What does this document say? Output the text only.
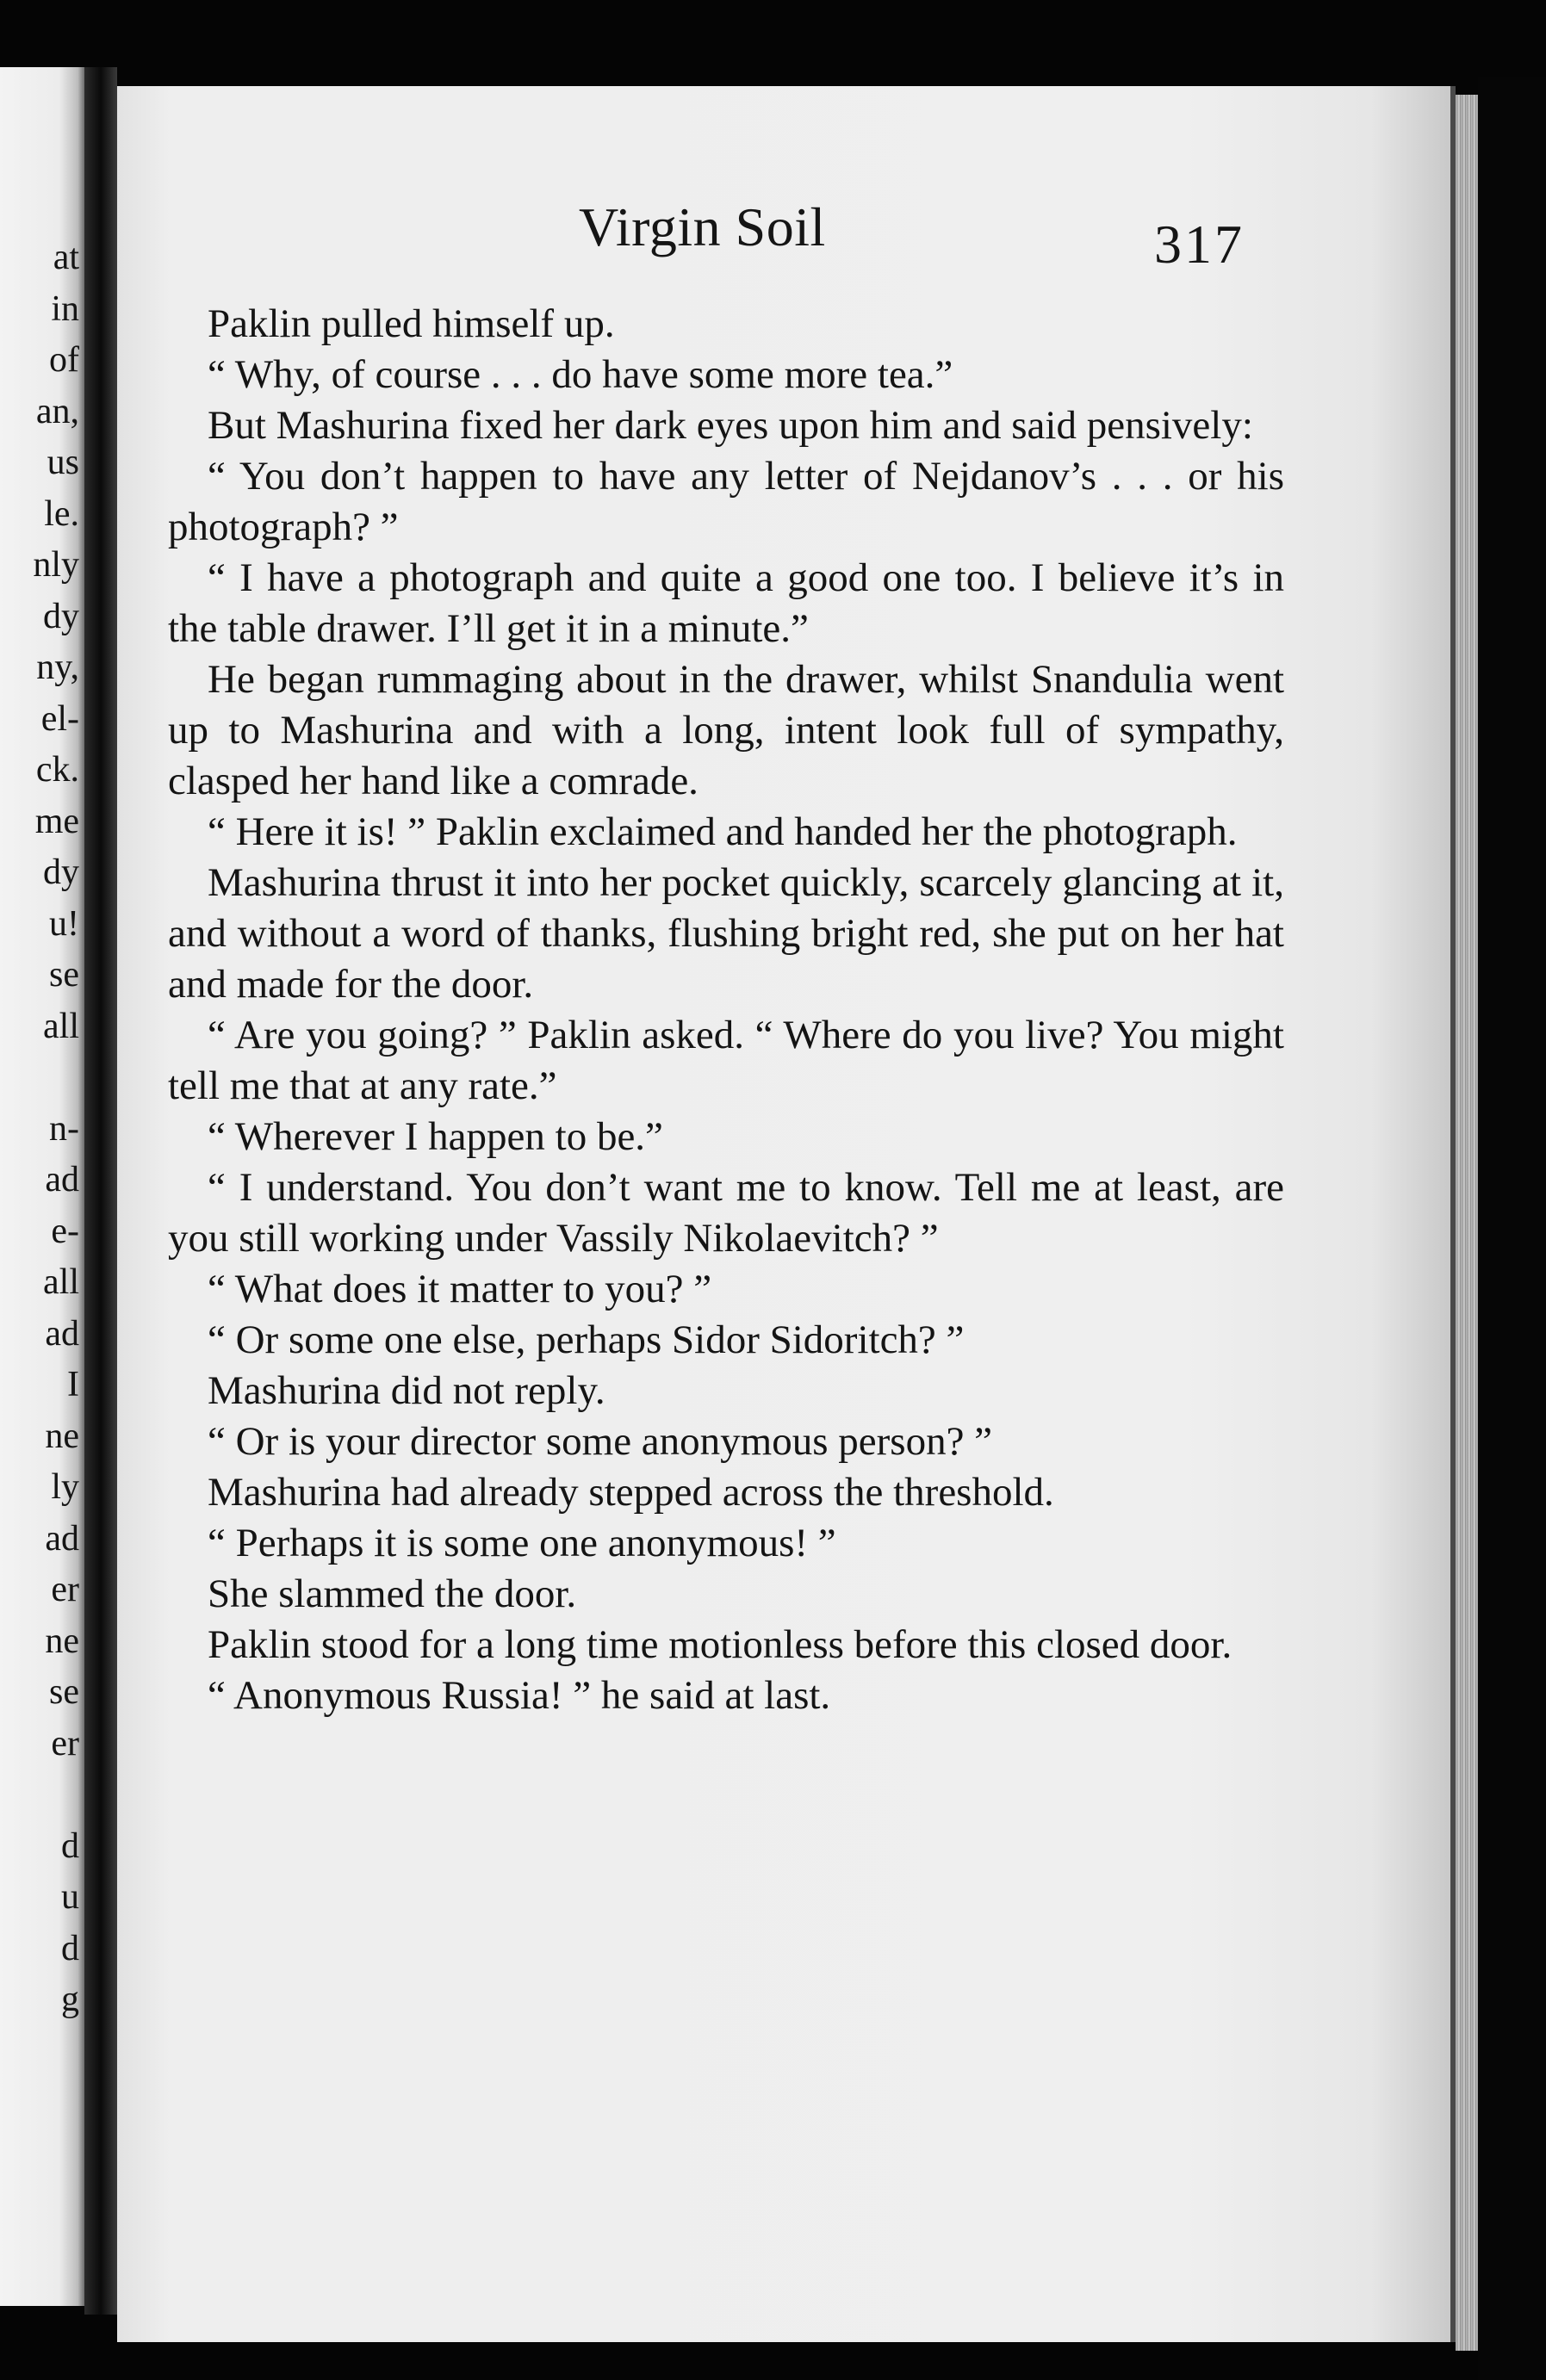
at
in
of
an,
us
le.
nly
dy
ny,
el-
ck.
me
dy
u!
se
all
n-
ad
e-
all
ad
I
ne
ly
ad
er
ne
se
er
d
u
d
g
Virgin Soil	317

Paklin pulled himself up.

“ Why, of course . . . do have some more tea.”

But Mashurina fixed her dark eyes upon him and said pensively:

“ You don’t happen to have any letter of Nejdanov’s . . . or his photograph? ”

“ I have a photograph and quite a good one too. I believe it’s in the table drawer. I’ll get it in a minute.”

He began rummaging about in the drawer, whilst Snandulia went up to Mashurina and with a long, intent look full of sympathy, clasped her hand like a comrade.

“ Here it is! ” Paklin exclaimed and handed her the photograph.

Mashurina thrust it into her pocket quickly, scarcely glancing at it, and without a word of thanks, flushing bright red, she put on her hat and made for the door.

“ Are you going? ” Paklin asked. “ Where do you live? You might tell me that at any rate.”

“ Wherever I happen to be.”

“ I understand. You don’t want me to know. Tell me at least, are you still working under Vassily Nikolaevitch? ”

“ What does it matter to you? ”

“ Or some one else, perhaps Sidor Sidoritch? ”

Mashurina did not reply.

“ Or is your director some anonymous person? ”

Mashurina had already stepped across the threshold.

“ Perhaps it is some one anonymous! ”

She slammed the door.

Paklin stood for a long time motionless before this closed door.

“ Anonymous Russia! ” he said at last.
